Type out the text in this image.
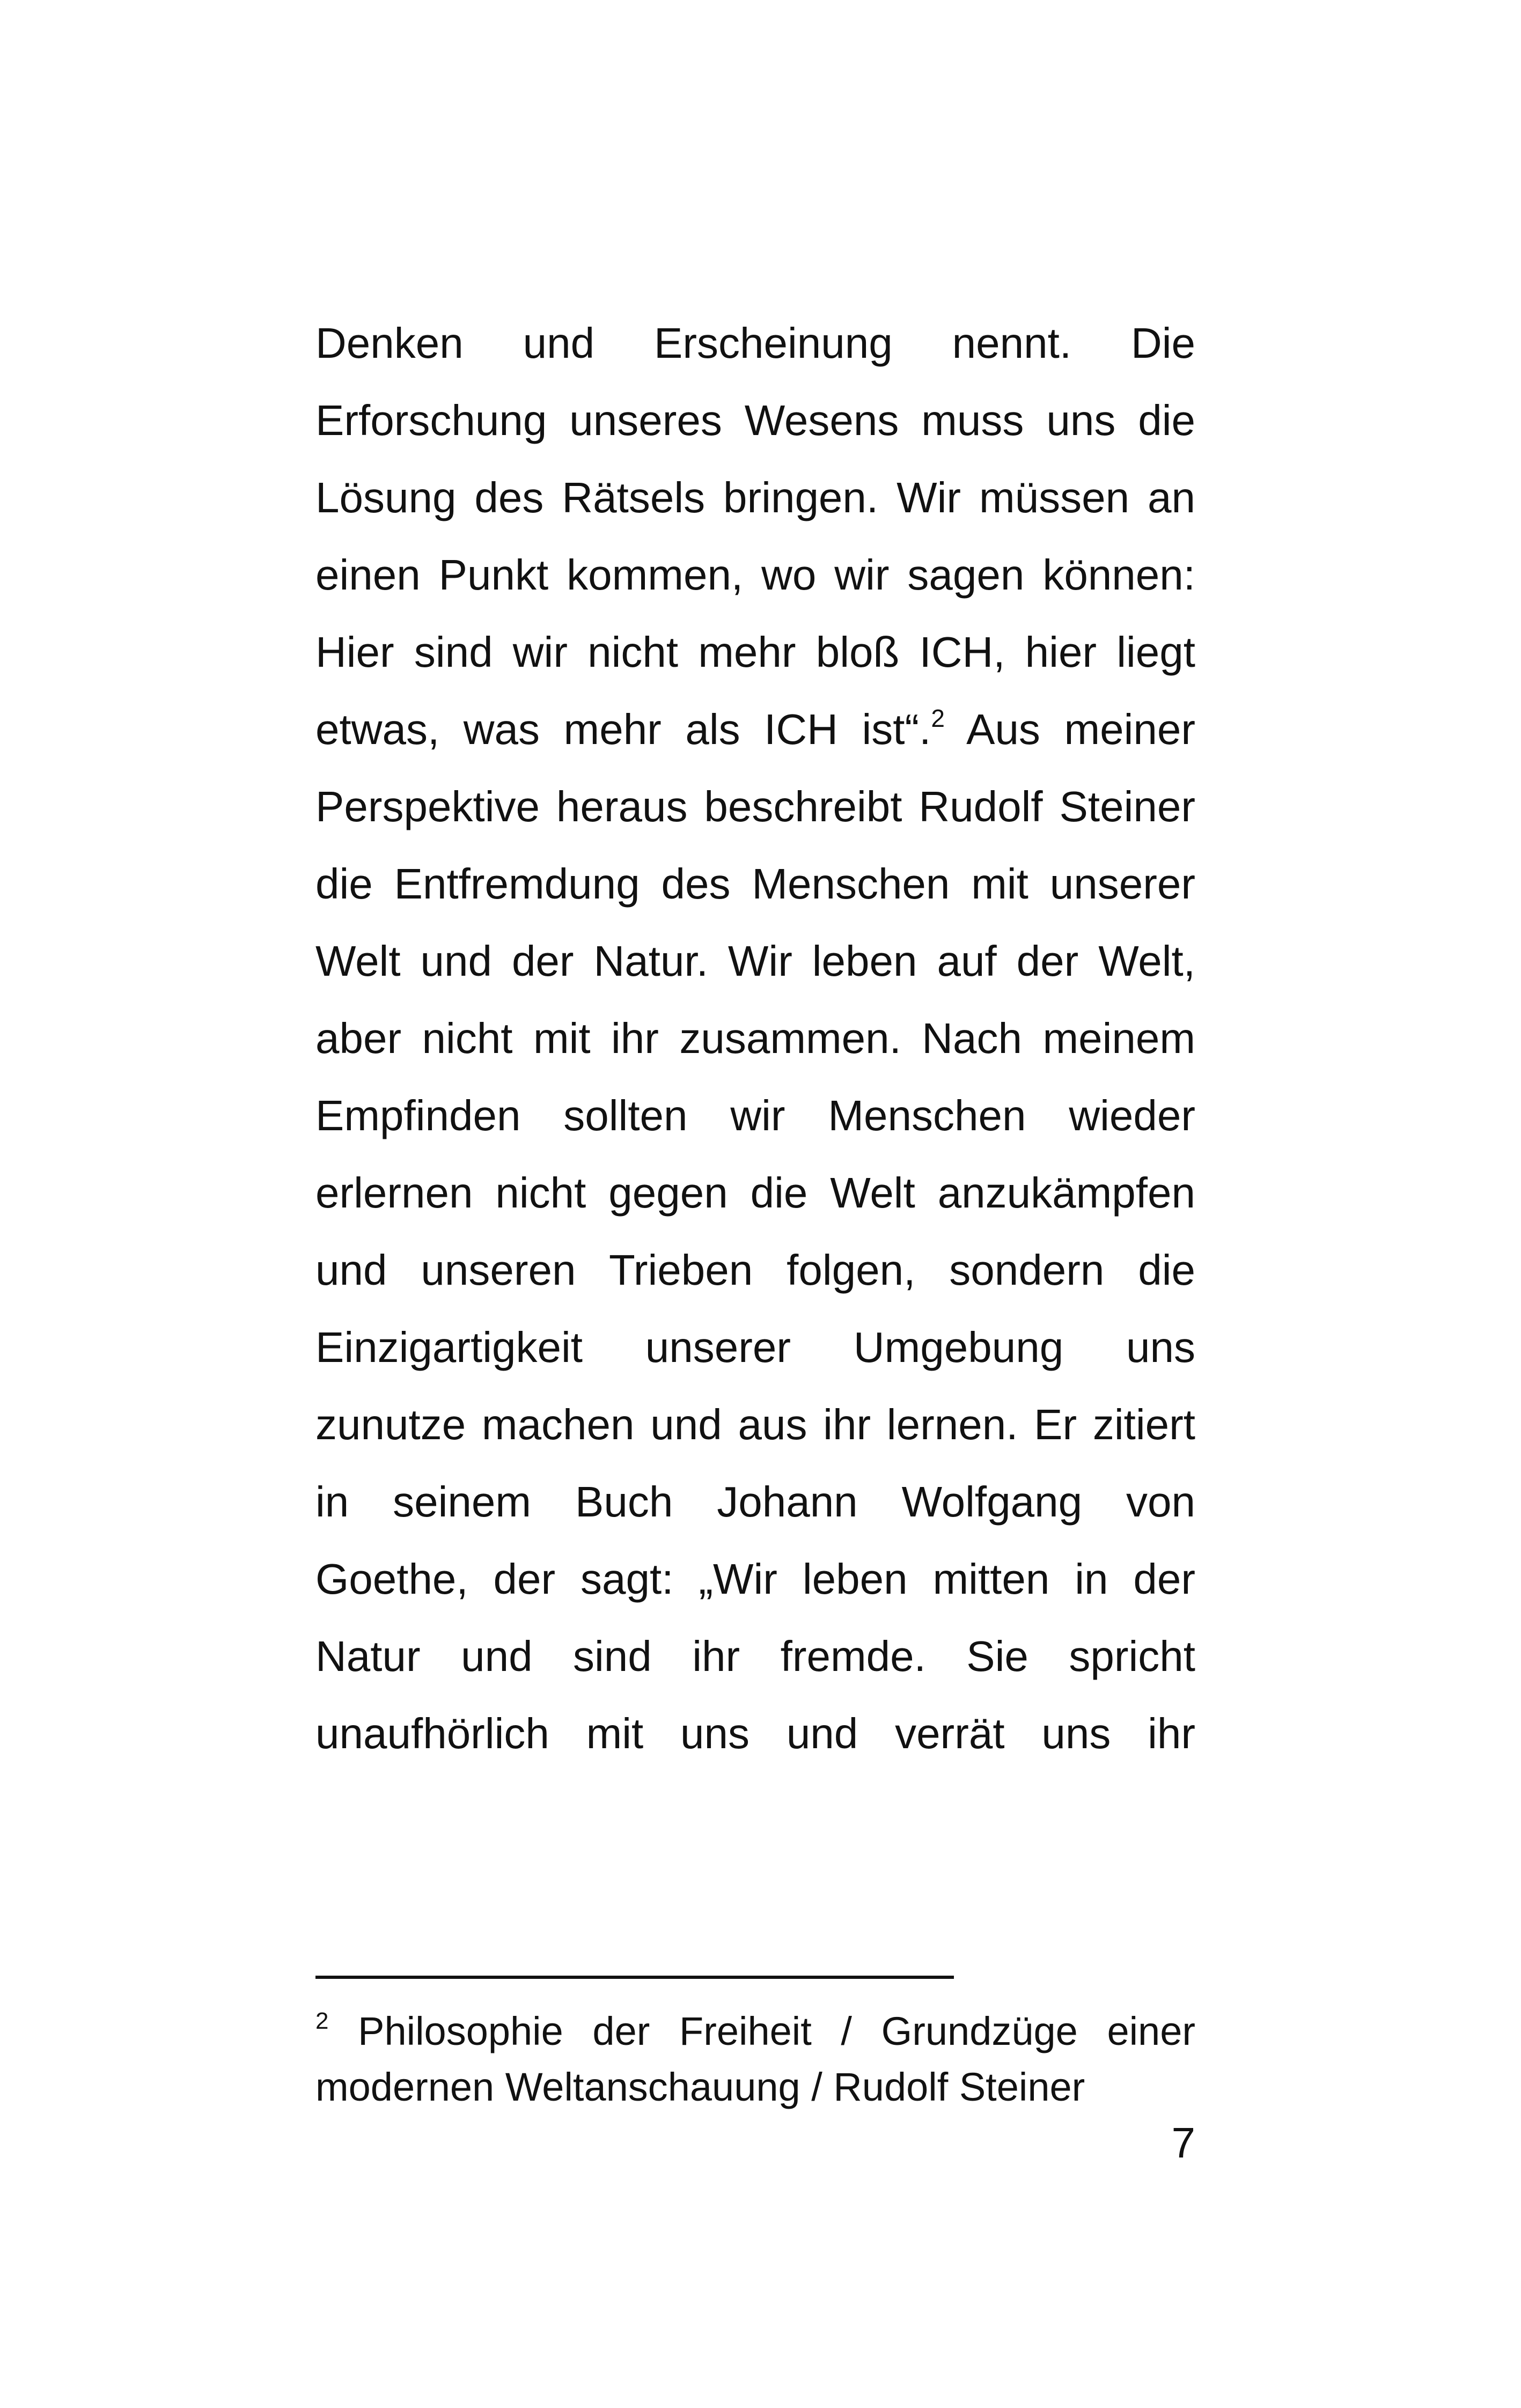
Denken und Erscheinung nennt. Die
Erforschung unseres Wesens muss uns die
Lösung des Rätsels bringen. Wir müssen an
einen Punkt kommen, wo wir sagen können:
Hier sind wir nicht mehr bloß ICH, hier liegt
etwas, was mehr als ICH ist“.$^2$ Aus meiner
Perspektive heraus beschreibt Rudolf Steiner
die Entfremdung des Menschen mit unserer
Welt und der Natur. Wir leben auf der Welt,
aber nicht mit ihr zusammen. Nach meinem
Empfinden sollten wir Menschen wieder
erlernen nicht gegen die Welt anzukämpfen
und unseren Trieben folgen, sondern die
Einzigartigkeit unserer Umgebung uns
zunutze machen und aus ihr lernen. Er zitiert
in seinem Buch Johann Wolfgang von
Goethe, der sagt: „Wir leben mitten in der
Natur und sind ihr fremde. Sie spricht
unaufhörlich mit uns und verrät uns ihr
$^2$ Philosophie der Freiheit / Grundzüge einer
modernen Weltanschauung / Rudolf Steiner
7
